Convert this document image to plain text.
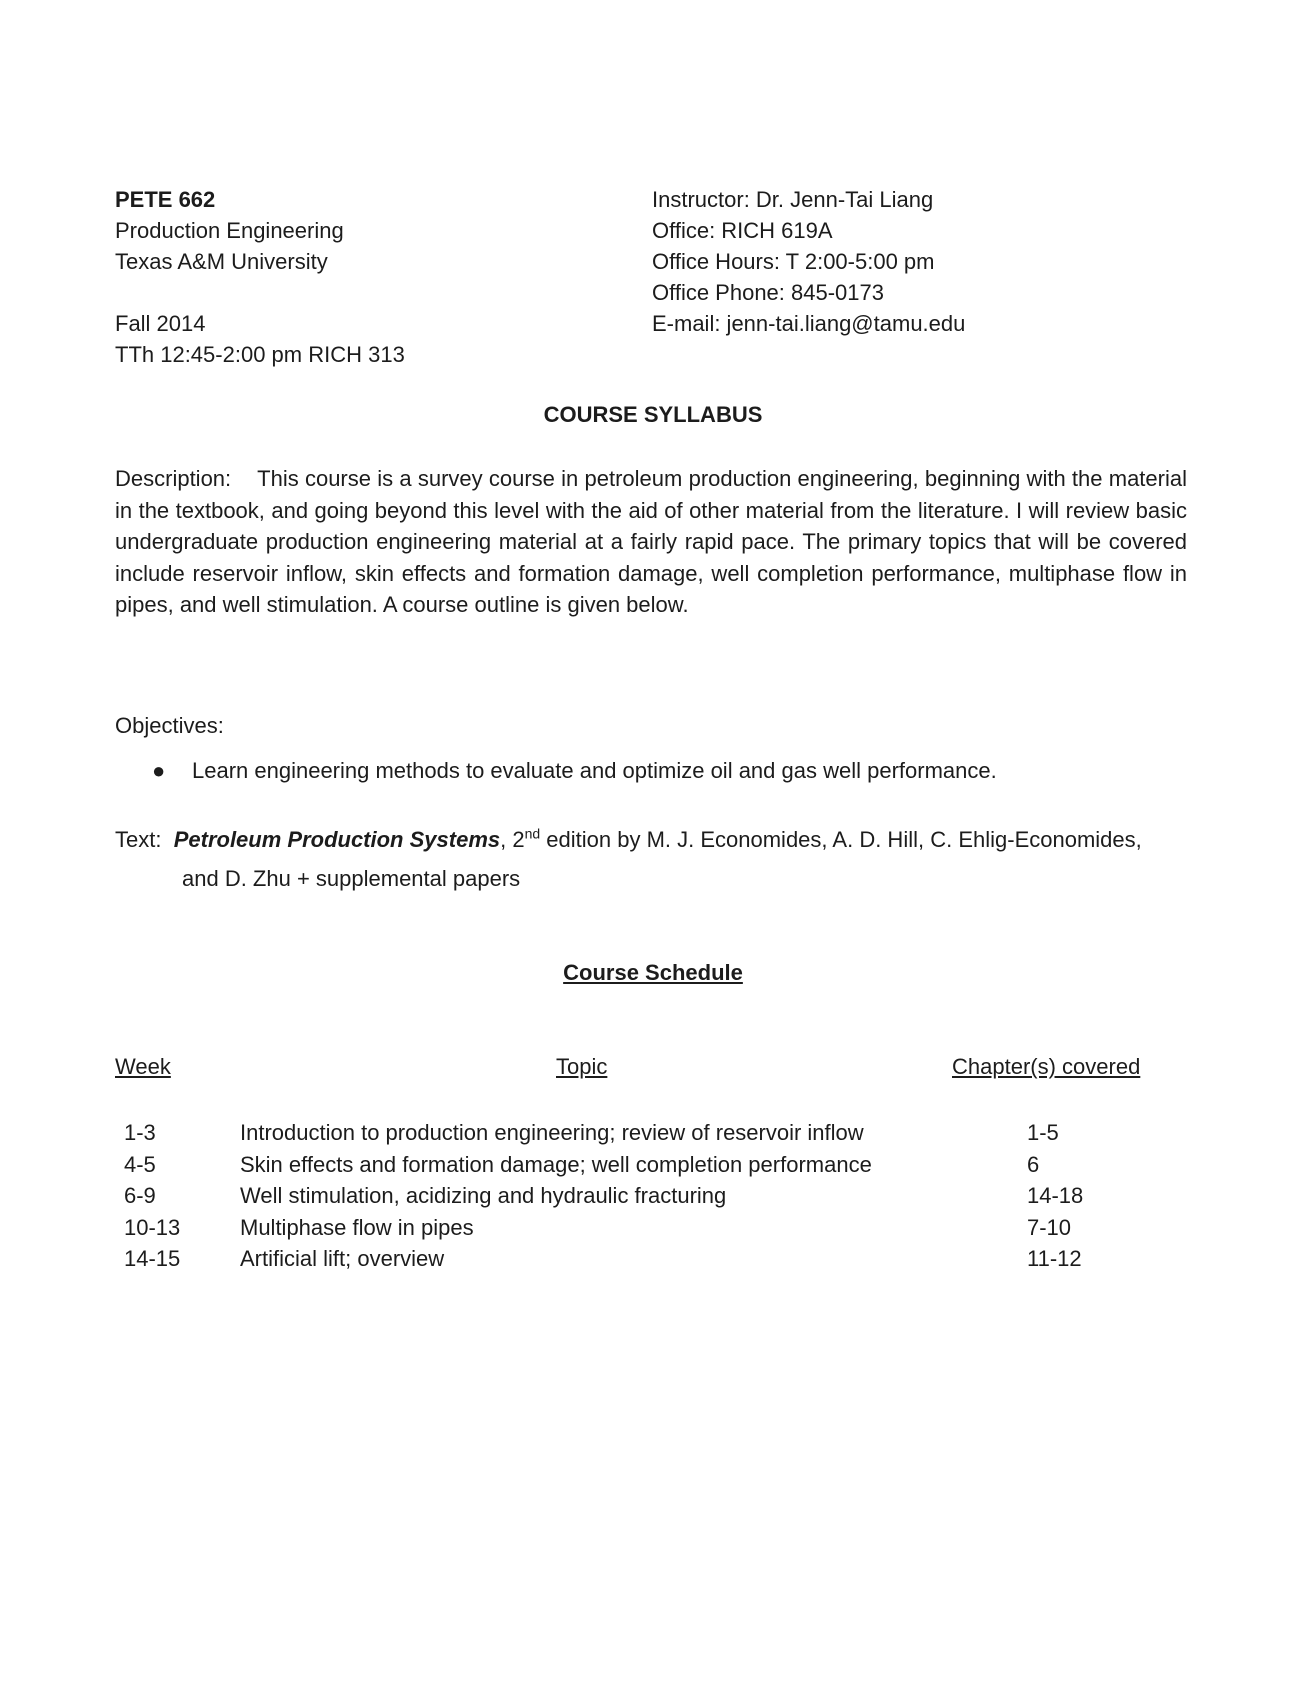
PETE 662
Production Engineering
Texas A&M University
Fall 2014
TTh 12:45-2:00 pm RICH 313
Instructor: Dr. Jenn-Tai Liang
Office: RICH 619A
Office Hours: T 2:00-5:00 pm
Office Phone: 845-0173
E-mail: jenn-tai.liang@tamu.edu
COURSE SYLLABUS
Description: This course is a survey course in petroleum production engineering, beginning with the material in the textbook, and going beyond this level with the aid of other material from the literature. I will review basic undergraduate production engineering material at a fairly rapid pace. The primary topics that will be covered include reservoir inflow, skin effects and formation damage, well completion performance, multiphase flow in pipes, and well stimulation. A course outline is given below.
Objectives:
● Learn engineering methods to evaluate and optimize oil and gas well performance.
Text: Petroleum Production Systems, 2nd edition by M. J. Economides, A. D. Hill, C. Ehlig-Economides,
and D. Zhu + supplemental papers
Course Schedule
Week	Topic	Chapter(s) covered
1-3	Introduction to production engineering; review of reservoir inflow	1-5
4-5	Skin effects and formation damage; well completion performance	6
6-9	Well stimulation, acidizing and hydraulic fracturing	14-18
10-13	Multiphase flow in pipes	7-10
14-15	Artificial lift; overview	11-12
